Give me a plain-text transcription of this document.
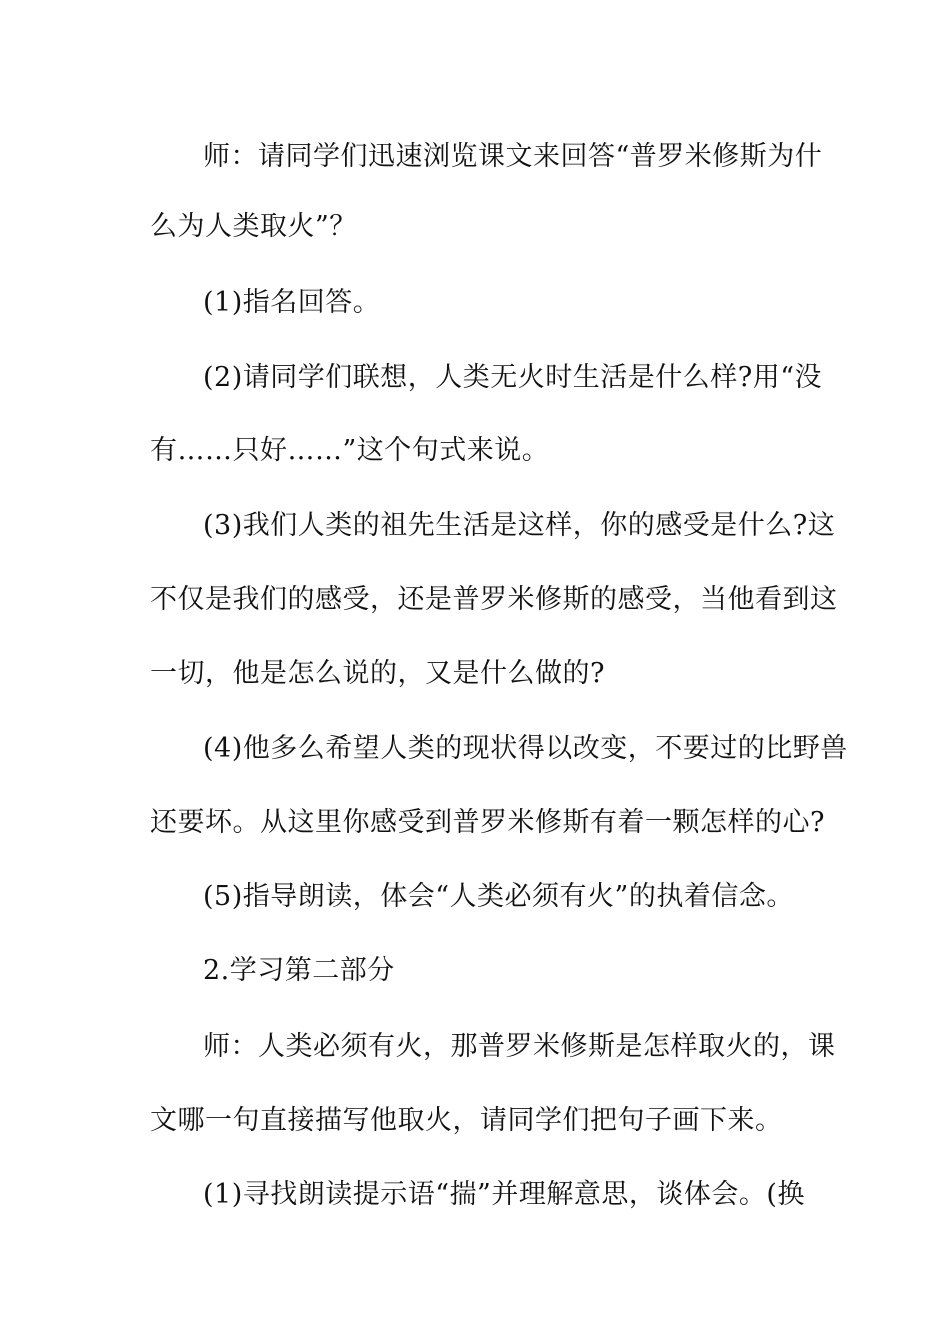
师：请同学们迅速浏览课文来回答“普罗米修斯为什
么为人类取火”？
(1)指名回答。
(2)请同学们联想，人类无火时生活是什么样?用“没
有……只好……”这个句式来说。
(3)我们人类的祖先生活是这样，你的感受是什么?这
不仅是我们的感受，还是普罗米修斯的感受，当他看到这
一切，他是怎么说的，又是什么做的?
(4)他多么希望人类的现状得以改变，不要过的比野兽
还要坏。从这里你感受到普罗米修斯有着一颗怎样的心?
(5)指导朗读，体会“人类必须有火”的执着信念。
2.学习第二部分
师：人类必须有火，那普罗米修斯是怎样取火的，课
文哪一句直接描写他取火，请同学们把句子画下来。
(1)寻找朗读提示语“揣”并理解意思，谈体会。(换
